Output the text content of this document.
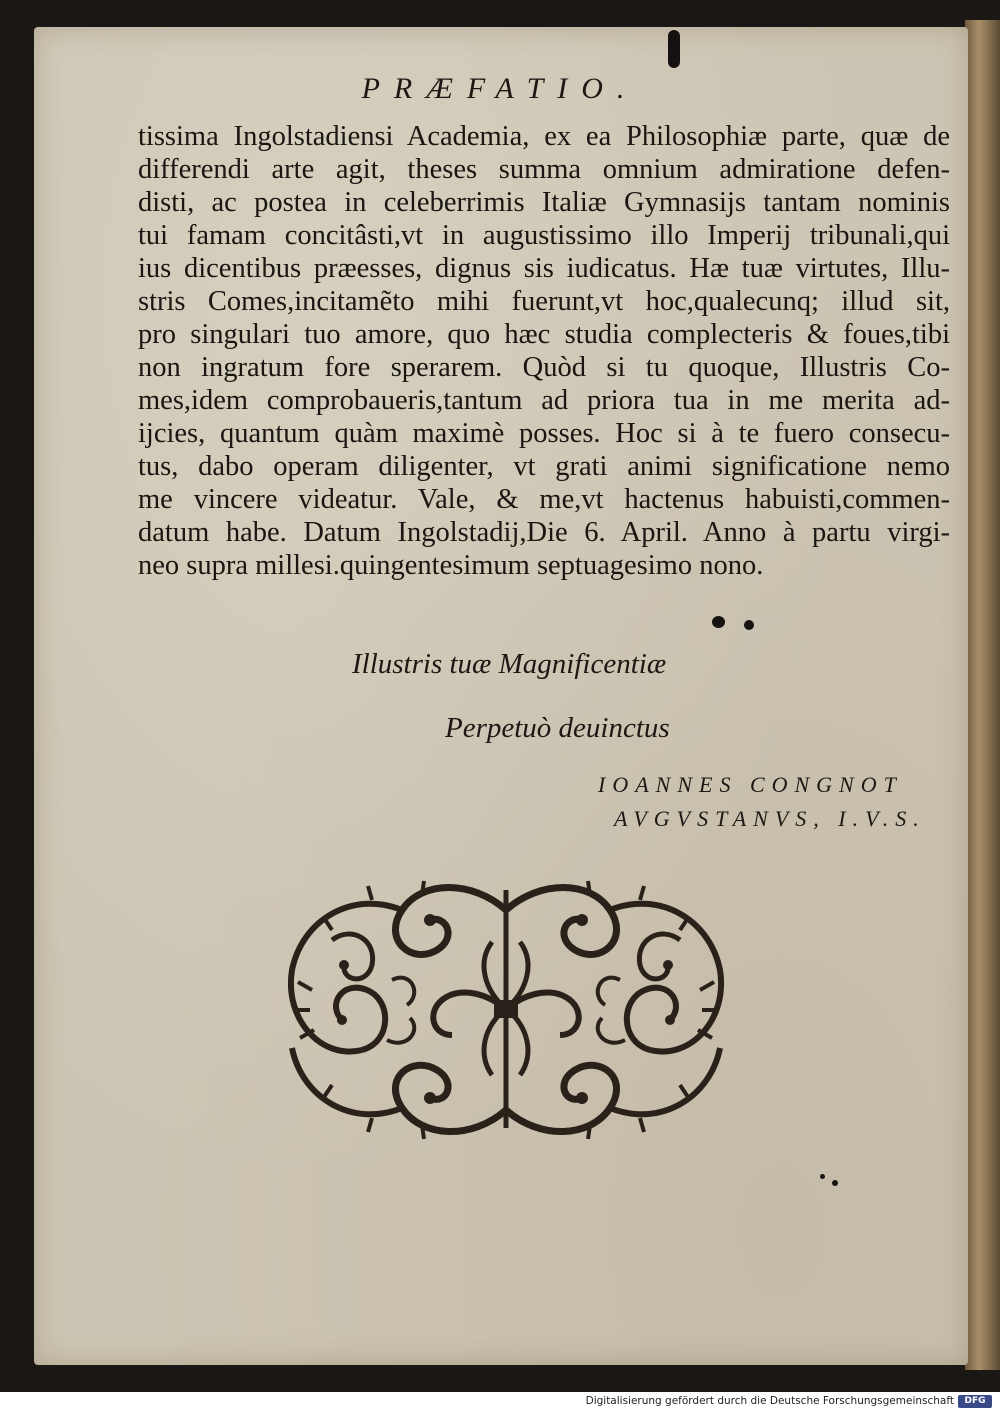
PRÆFATIO.
tissima Ingolstadiensi Academia, ex ea Philosophiæ parte, quæ de
differendi arte agit, theses summa omnium admiratione defen-
disti, ac postea in celeberrimis Italiæ Gymnasijs tantam nominis
tui famam concitâsti,vt in augustissimo illo Imperij tribunali,qui
ius dicentibus præesses, dignus sis iudicatus. Hæ tuæ virtutes, Illu-
stris Comes,incitamẽto mihi fuerunt,vt hoc,qualecunq; illud sit,
pro singulari tuo amore, quo hæc studia complecteris & foues,tibi
non ingratum fore sperarem. Quòd si tu quoque, Illustris Co-
mes,idem comprobaueris,tantum ad priora tua in me merita ad-
ijcies, quantum quàm maximè posses. Hoc si à te fuero consecu-
tus, dabo operam diligenter, vt grati animi significatione nemo
me vincere videatur. Vale, & me,vt hactenus habuisti,commen-
datum habe. Datum Ingolstadij,Die 6. April. Anno à partu virgi-
neo supra millesi.quingentesimum septuagesimo nono.
Illustris tuæ Magnificentiæ
Perpetuò deuinctus
IOANNES CONGNOT
AVGVSTANVS, I.V.S.
Digitalisierung gefördert durch die Deutsche Forschungsgemeinschaft	DFG
